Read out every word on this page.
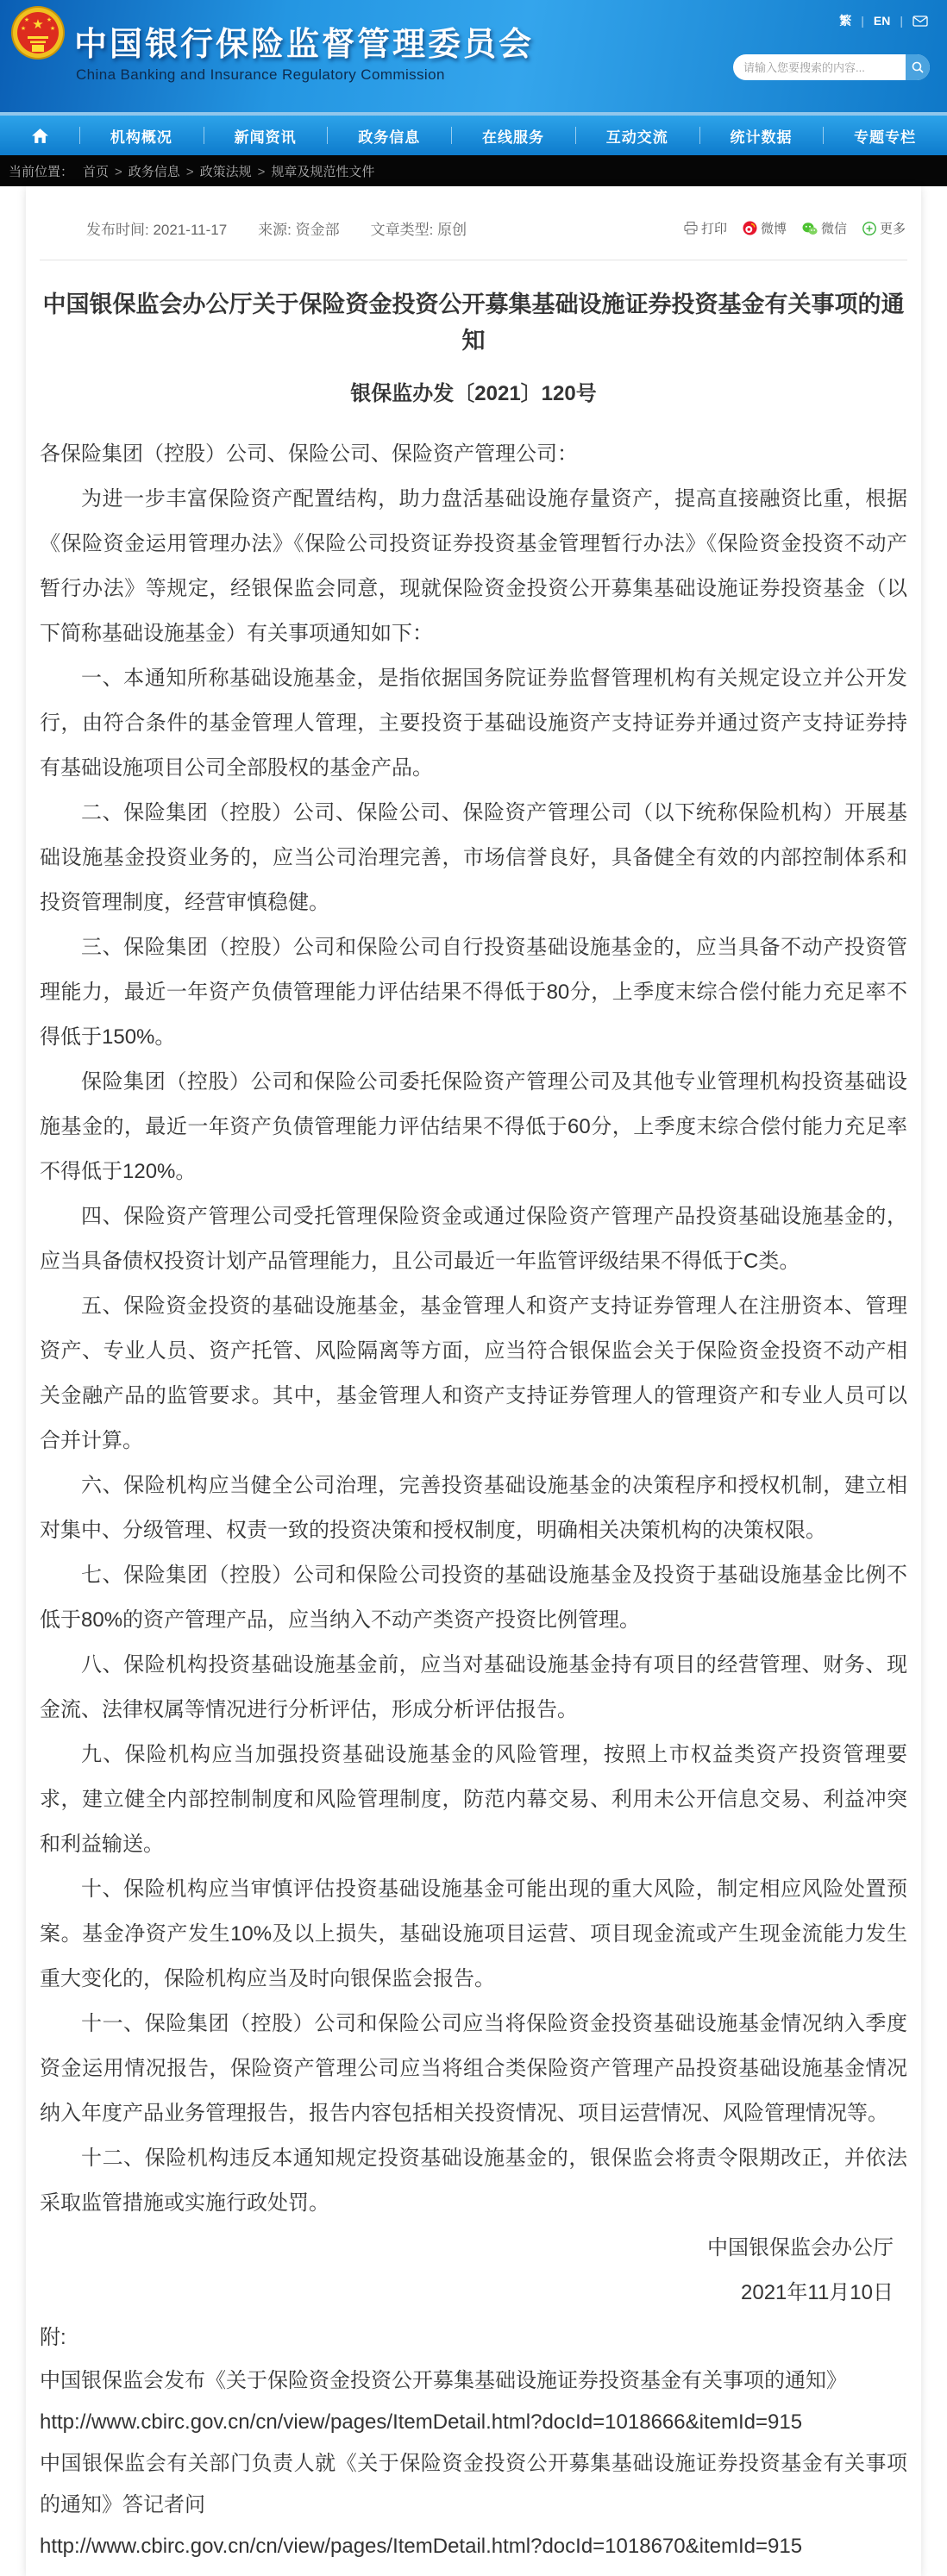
★
★	★
★	★ 中国银行保险监督管理委员会
China Banking and Insurance Regulatory Commission
繁 | EN |
请输入您要搜索的内容...
机构概况	新闻资讯	政务信息	在线服务	互动交流	统计数据	专题专栏
当前位置： 首页 > 政务信息 > 政策法规 > 规章及规范性文件
发布时间: 2021-11-17 来源: 资金部 文章类型: 原创	打印	微博	微信	更多
中国银保监会办公厅关于保险资金投资公开募集基础设施证券投资基金有关事项的通知
银保监办发〔2021〕120号

各保险集团（控股）公司、保险公司、保险资产管理公司：

为进一步丰富保险资产配置结构，助力盘活基础设施存量资产，提高直接融资比重，根据《保险资金运用管理办法》《保险公司投资证券投资基金管理暂行办法》《保险资金投资不动产暂行办法》等规定，经银保监会同意，现就保险资金投资公开募集基础设施证券投资基金（以下简称基础设施基金）有关事项通知如下：

一、本通知所称基础设施基金，是指依据国务院证券监督管理机构有关规定设立并公开发行，由符合条件的基金管理人管理，主要投资于基础设施资产支持证券并通过资产支持证券持有基础设施项目公司全部股权的基金产品。

二、保险集团（控股）公司、保险公司、保险资产管理公司（以下统称保险机构）开展基础设施基金投资业务的，应当公司治理完善，市场信誉良好，具备健全有效的内部控制体系和投资管理制度，经营审慎稳健。

三、保险集团（控股）公司和保险公司自行投资基础设施基金的，应当具备不动产投资管理能力，最近一年资产负债管理能力评估结果不得低于80分，上季度末综合偿付能力充足率不得低于150%。

保险集团（控股）公司和保险公司委托保险资产管理公司及其他专业管理机构投资基础设施基金的，最近一年资产负债管理能力评估结果不得低于60分，上季度末综合偿付能力充足率不得低于120%。

四、保险资产管理公司受托管理保险资金或通过保险资产管理产品投资基础设施基金的，应当具备债权投资计划产品管理能力，且公司最近一年监管评级结果不得低于C类。

五、保险资金投资的基础设施基金，基金管理人和资产支持证券管理人在注册资本、管理资产、专业人员、资产托管、风险隔离等方面，应当符合银保监会关于保险资金投资不动产相关金融产品的监管要求。其中，基金管理人和资产支持证券管理人的管理资产和专业人员可以合并计算。

六、保险机构应当健全公司治理，完善投资基础设施基金的决策程序和授权机制，建立相对集中、分级管理、权责一致的投资决策和授权制度，明确相关决策机构的决策权限。

七、保险集团（控股）公司和保险公司投资的基础设施基金及投资于基础设施基金比例不低于80%的资产管理产品，应当纳入不动产类资产投资比例管理。

八、保险机构投资基础设施基金前，应当对基础设施基金持有项目的经营管理、财务、现金流、法律权属等情况进行分析评估，形成分析评估报告。

九、保险机构应当加强投资基础设施基金的风险管理，按照上市权益类资产投资管理要求，建立健全内部控制制度和风险管理制度，防范内幕交易、利用未公开信息交易、利益冲突和利益输送。

十、保险机构应当审慎评估投资基础设施基金可能出现的重大风险，制定相应风险处置预案。基金净资产发生10%及以上损失，基础设施项目运营、项目现金流或产生现金流能力发生重大变化的，保险机构应当及时向银保监会报告。

十一、保险集团（控股）公司和保险公司应当将保险资金投资基础设施基金情况纳入季度资金运用情况报告，保险资产管理公司应当将组合类保险资产管理产品投资基础设施基金情况纳入年度产品业务管理报告，报告内容包括相关投资情况、项目运营情况、风险管理情况等。

十二、保险机构违反本通知规定投资基础设施基金的，银保监会将责令限期改正，并依法采取监管措施或实施行政处罚。

中国银保监会办公厅

2021年11月10日

附:

中国银保监会发布《关于保险资金投资公开募集基础设施证券投资基金有关事项的通知》

http://www.cbirc.gov.cn/cn/view/pages/ItemDetail.html?docId=1018666&itemId=915

中国银保监会有关部门负责人就《关于保险资金投资公开募集基础设施证券投资基金有关事项的通知》答记者问

http://www.cbirc.gov.cn/cn/view/pages/ItemDetail.html?docId=1018670&itemId=915
